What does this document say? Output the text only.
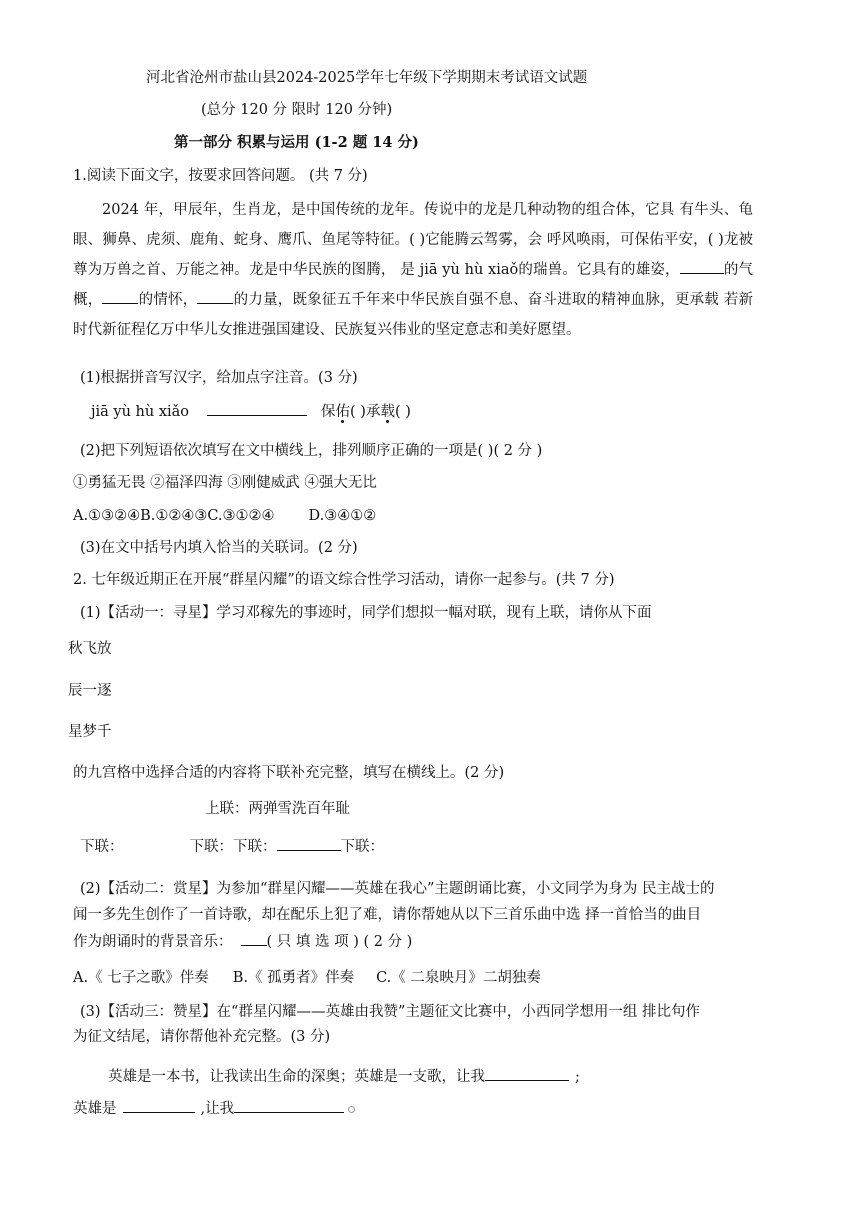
河北省沧州市盐山县2024-2025学年七年级下学期期末考试语文试题
(总分 120 分 限时 120 分钟)
第一部分 积累与运用 (1-2 题 14 分)
1.阅读下面文字，按要求回答问题。 (共 7 分)
2024 年，甲辰年，生肖龙，是中国传统的龙年。传说中的龙是几种动物的组合体，它具 有牛头、龟眼、狮鼻、虎须、鹿角、蛇身、鹰爪、鱼尾等特征。( )它能腾云驾雾，会 呼风唤雨，可保佑平安，( )龙被尊为万兽之首、万能之神。龙是中华民族的图腾， 是 jiā yù hù xiaǒ的瑞兽。它具有的雄姿，	的气概， 的情怀， 的力量，既象征五千年来中华民族自强不息、奋斗进取的精神血脉，更承载 若新时代新征程亿万中华儿女推进强国建设、民族复兴伟业的坚定意志和美好愿望。
(1)根据拼音写汉字，给加点字注音。(3 分)
jiā yù hù xiǎo	保佑( )承载( )
(2)把下列短语依次填写在文中横线上，排列顺序正确的一项是( )( 2 分 )
①勇猛无畏 ②福泽四海 ③刚健威武 ④强大无比
A.①③②④B.①②④③C.③①②④ D.③④①②
(3)在文中括号内填入恰当的关联词。(2 分)
2. 七年级近期正在开展“群星闪耀”的语文综合性学习活动，请你一起参与。(共 7 分)
(1)【活动一：寻星】学习邓稼先的事迹时，同学们想拟一幅对联，现有上联，请你从下面
秋飞放
辰一逐
星梦千
的九宫格中选择合适的内容将下联补充完整，填写在横线上。(2 分)
上联：两弹雪洗百年耻
下联：	下联：下联：	下联：
(2)【活动二：赏星】为参加“群星闪耀——英雄在我心”主题朗诵比赛，小文同学为身为 民主战士的
闻一多先生创作了一首诗歌，却在配乐上犯了难，请你帮她从以下三首乐曲中选 择一首恰当的曲目
作为朗诵时的背景音乐： ( 只 填 选 项 ) ( 2 分 )
A.《 七子之歌》伴奏 B.《 孤勇者》伴奏 C.《 二泉映月》二胡独奏
(3)【活动三：赞星】在“群星闪耀——英雄由我赞”主题征文比赛中，小西同学想用一组 排比句作
为征文结尾，请你帮他补充完整。(3 分)
英雄是一本书，让我读出生命的深奥；英雄是一支歌，让我	;
英雄是	,让我
